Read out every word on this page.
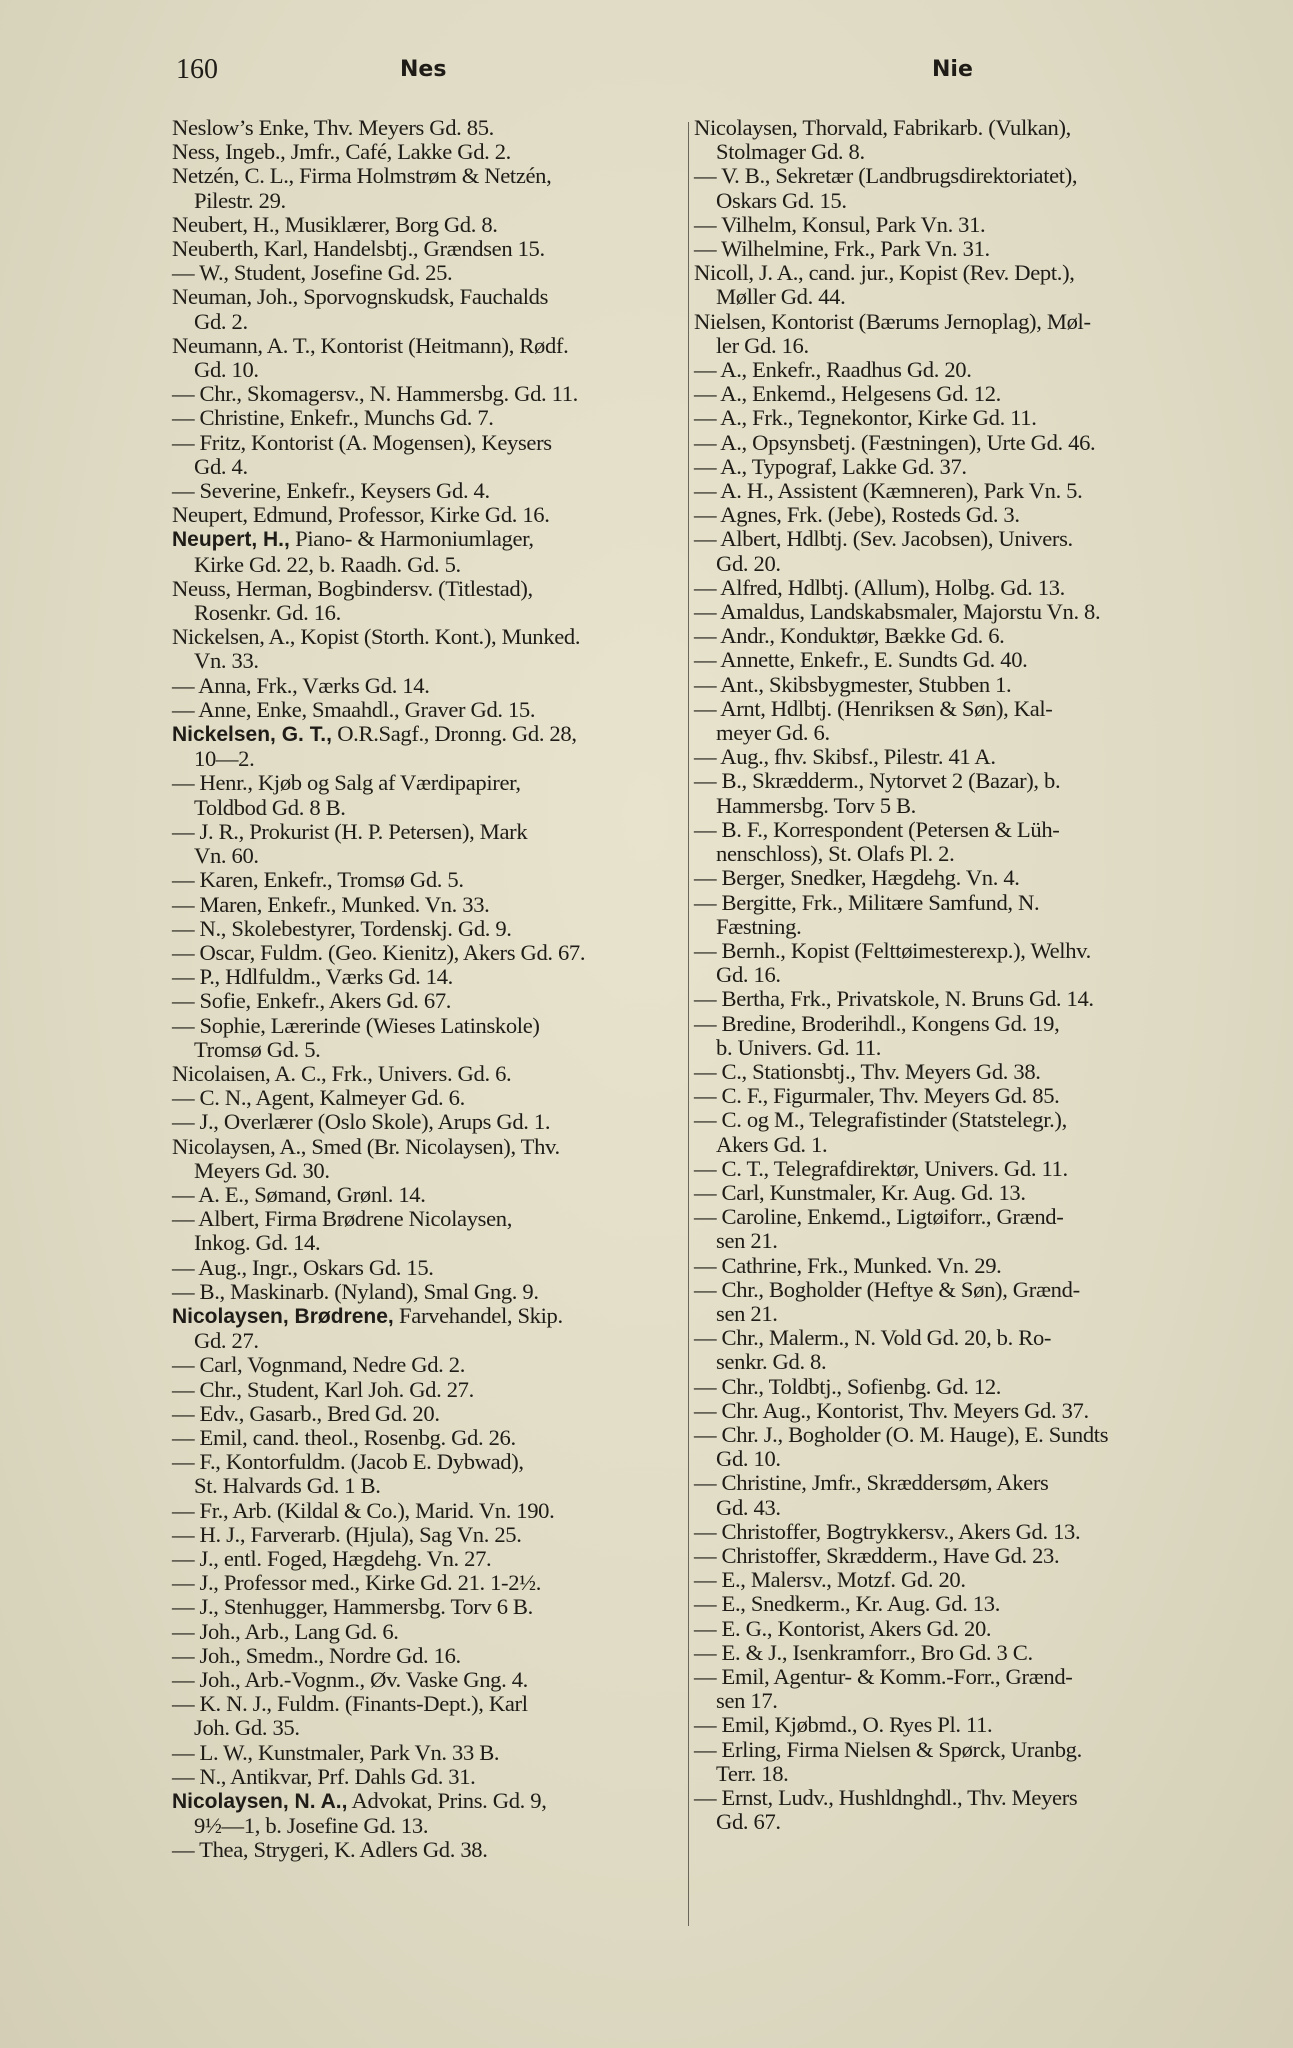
160	Nes	Nie
Neslow’s Enke, Thv. Meyers Gd. 85.
Ness, Ingeb., Jmfr., Café, Lakke Gd. 2.
Netzén, C. L., Firma Holmstrøm & Netzén,
Pilestr. 29.
Neubert, H., Musiklærer, Borg Gd. 8.
Neuberth, Karl, Handelsbtj., Grændsen 15.
— W., Student, Josefine Gd. 25.
Neuman, Joh., Sporvognskudsk, Fauchalds
Gd. 2.
Neumann, A. T., Kontorist (Heitmann), Rødf.
Gd. 10.
— Chr., Skomagersv., N. Hammersbg. Gd. 11.
— Christine, Enkefr., Munchs Gd. 7.
— Fritz, Kontorist (A. Mogensen), Keysers
Gd. 4.
— Severine, Enkefr., Keysers Gd. 4.
Neupert, Edmund, Professor, Kirke Gd. 16.
Neupert, H., Piano- & Harmoniumlager,
Kirke Gd. 22, b. Raadh. Gd. 5.
Neuss, Herman, Bogbindersv. (Titlestad),
Rosenkr. Gd. 16.
Nickelsen, A., Kopist (Storth. Kont.), Munked.
Vn. 33.
— Anna, Frk., Værks Gd. 14.
— Anne, Enke, Smaahdl., Graver Gd. 15.
Nickelsen, G. T., O.R.Sagf., Dronng. Gd. 28,
10—2.
— Henr., Kjøb og Salg af Værdipapirer,
Toldbod Gd. 8 B.
— J. R., Prokurist (H. P. Petersen), Mark
Vn. 60.
— Karen, Enkefr., Tromsø Gd. 5.
— Maren, Enkefr., Munked. Vn. 33.
— N., Skolebestyrer, Tordenskj. Gd. 9.
— Oscar, Fuldm. (Geo. Kienitz), Akers Gd. 67.
— P., Hdlfuldm., Værks Gd. 14.
— Sofie, Enkefr., Akers Gd. 67.
— Sophie, Lærerinde (Wieses Latinskole)
Tromsø Gd. 5.
Nicolaisen, A. C., Frk., Univers. Gd. 6.
— C. N., Agent, Kalmeyer Gd. 6.
— J., Overlærer (Oslo Skole), Arups Gd. 1.
Nicolaysen, A., Smed (Br. Nicolaysen), Thv.
Meyers Gd. 30.
— A. E., Sømand, Grønl. 14.
— Albert, Firma Brødrene Nicolaysen,
Inkog. Gd. 14.
— Aug., Ingr., Oskars Gd. 15.
— B., Maskinarb. (Nyland), Smal Gng. 9.
Nicolaysen, Brødrene, Farvehandel, Skip.
Gd. 27.
— Carl, Vognmand, Nedre Gd. 2.
— Chr., Student, Karl Joh. Gd. 27.
— Edv., Gasarb., Bred Gd. 20.
— Emil, cand. theol., Rosenbg. Gd. 26.
— F., Kontorfuldm. (Jacob E. Dybwad),
St. Halvards Gd. 1 B.
— Fr., Arb. (Kildal & Co.), Marid. Vn. 190.
— H. J., Farverarb. (Hjula), Sag Vn. 25.
— J., entl. Foged, Hægdehg. Vn. 27.
— J., Professor med., Kirke Gd. 21. 1-2½.
— J., Stenhugger, Hammersbg. Torv 6 B.
— Joh., Arb., Lang Gd. 6.
— Joh., Smedm., Nordre Gd. 16.
— Joh., Arb.-Vognm., Øv. Vaske Gng. 4.
— K. N. J., Fuldm. (Finants-Dept.), Karl
Joh. Gd. 35.
— L. W., Kunstmaler, Park Vn. 33 B.
— N., Antikvar, Prf. Dahls Gd. 31.
Nicolaysen, N. A., Advokat, Prins. Gd. 9,
9½—1, b. Josefine Gd. 13.
— Thea, Strygeri, K. Adlers Gd. 38.
Nicolaysen, Thorvald, Fabrikarb. (Vulkan),
Stolmager Gd. 8.
— V. B., Sekretær (Landbrugsdirektoriatet),
Oskars Gd. 15.
— Vilhelm, Konsul, Park Vn. 31.
— Wilhelmine, Frk., Park Vn. 31.
Nicoll, J. A., cand. jur., Kopist (Rev. Dept.),
Møller Gd. 44.
Nielsen, Kontorist (Bærums Jernoplag), Møl-
ler Gd. 16.
— A., Enkefr., Raadhus Gd. 20.
— A., Enkemd., Helgesens Gd. 12.
— A., Frk., Tegnekontor, Kirke Gd. 11.
— A., Opsynsbetj. (Fæstningen), Urte Gd. 46.
— A., Typograf, Lakke Gd. 37.
— A. H., Assistent (Kæmneren), Park Vn. 5.
— Agnes, Frk. (Jebe), Rosteds Gd. 3.
— Albert, Hdlbtj. (Sev. Jacobsen), Univers.
Gd. 20.
— Alfred, Hdlbtj. (Allum), Holbg. Gd. 13.
— Amaldus, Landskabsmaler, Majorstu Vn. 8.
— Andr., Konduktør, Bække Gd. 6.
— Annette, Enkefr., E. Sundts Gd. 40.
— Ant., Skibsbygmester, Stubben 1.
— Arnt, Hdlbtj. (Henriksen & Søn), Kal-
meyer Gd. 6.
— Aug., fhv. Skibsf., Pilestr. 41 A.
— B., Skrædderm., Nytorvet 2 (Bazar), b.
Hammersbg. Torv 5 B.
— B. F., Korrespondent (Petersen & Lüh-
nenschloss), St. Olafs Pl. 2.
— Berger, Snedker, Hægdehg. Vn. 4.
— Bergitte, Frk., Militære Samfund, N.
Fæstning.
— Bernh., Kopist (Felttøimesterexp.), Welhv.
Gd. 16.
— Bertha, Frk., Privatskole, N. Bruns Gd. 14.
— Bredine, Broderihdl., Kongens Gd. 19,
b. Univers. Gd. 11.
— C., Stationsbtj., Thv. Meyers Gd. 38.
— C. F., Figurmaler, Thv. Meyers Gd. 85.
— C. og M., Telegrafistinder (Statstelegr.),
Akers Gd. 1.
— C. T., Telegrafdirektør, Univers. Gd. 11.
— Carl, Kunstmaler, Kr. Aug. Gd. 13.
— Caroline, Enkemd., Ligtøiforr., Grænd-
sen 21.
— Cathrine, Frk., Munked. Vn. 29.
— Chr., Bogholder (Heftye & Søn), Grænd-
sen 21.
— Chr., Malerm., N. Vold Gd. 20, b. Ro-
senkr. Gd. 8.
— Chr., Toldbtj., Sofienbg. Gd. 12.
— Chr. Aug., Kontorist, Thv. Meyers Gd. 37.
— Chr. J., Bogholder (O. M. Hauge), E. Sundts
Gd. 10.
— Christine, Jmfr., Skræddersøm, Akers
Gd. 43.
— Christoffer, Bogtrykkersv., Akers Gd. 13.
— Christoffer, Skrædderm., Have Gd. 23.
— E., Malersv., Motzf. Gd. 20.
— E., Snedkerm., Kr. Aug. Gd. 13.
— E. G., Kontorist, Akers Gd. 20.
— E. & J., Isenkramforr., Bro Gd. 3 C.
— Emil, Agentur- & Komm.-Forr., Grænd-
sen 17.
— Emil, Kjøbmd., O. Ryes Pl. 11.
— Erling, Firma Nielsen & Spørck, Uranbg.
Terr. 18.
— Ernst, Ludv., Hushldnghdl., Thv. Meyers
Gd. 67.
